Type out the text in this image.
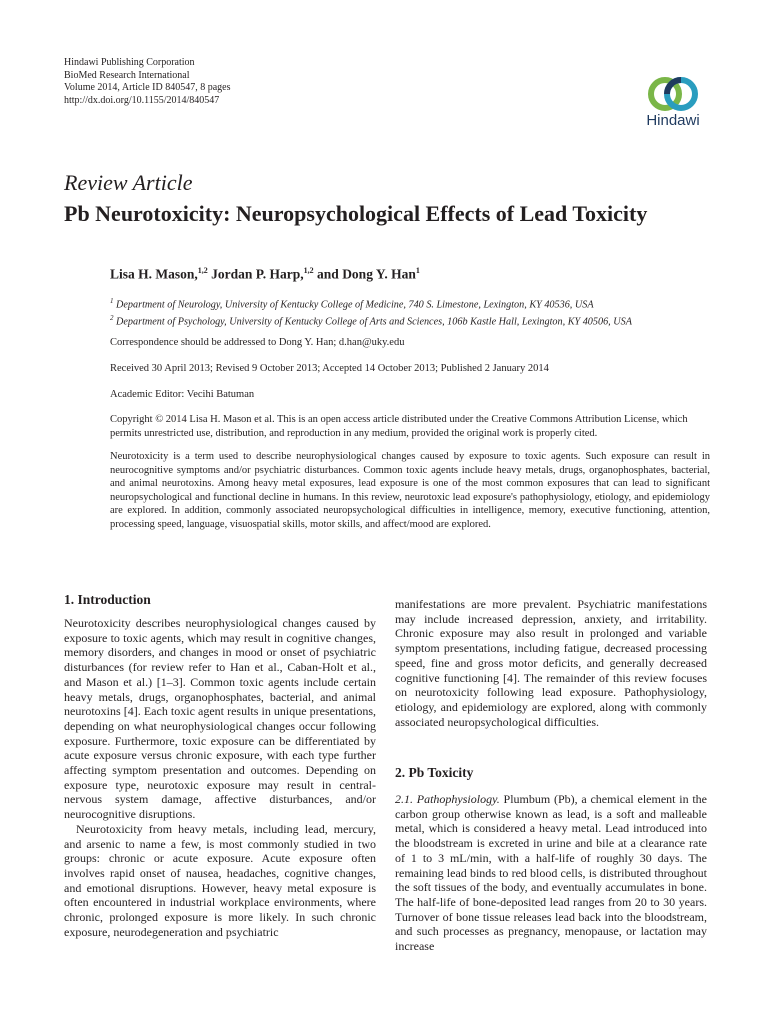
Hindawi Publishing Corporation
BioMed Research International
Volume 2014, Article ID 840547, 8 pages
http://dx.doi.org/10.1155/2014/840547
Hindawi
Review Article
Pb Neurotoxicity: Neuropsychological Effects of Lead Toxicity
Lisa H. Mason,$^{1,2}$ Jordan P. Harp,$^{1,2}$ and Dong Y. Han$^1$
$^1$ Department of Neurology, University of Kentucky College of Medicine, 740 S. Limestone, Lexington, KY 40536, USA
$^2$ Department of Psychology, University of Kentucky College of Arts and Sciences, 106b Kastle Hall, Lexington, KY 40506, USA
Correspondence should be addressed to Dong Y. Han; d.han@uky.edu
Received 30 April 2013; Revised 9 October 2013; Accepted 14 October 2013; Published 2 January 2014
Academic Editor: Vecihi Batuman
Copyright © 2014 Lisa H. Mason et al. This is an open access article distributed under the Creative Commons Attribution License, which permits unrestricted use, distribution, and reproduction in any medium, provided the original work is properly cited.
Neurotoxicity is a term used to describe neurophysiological changes caused by exposure to toxic agents. Such exposure can result in neurocognitive symptoms and/or psychiatric disturbances. Common toxic agents include heavy metals, drugs, organophosphates, bacterial, and animal neurotoxins. Among heavy metal exposures, lead exposure is one of the most common exposures that can lead to significant neuropsychological and functional decline in humans. In this review, neurotoxic lead exposure's pathophysiology, etiology, and epidemiology are explored. In addition, commonly associated neuropsychological difficulties in intelligence, memory, executive functioning, attention, processing speed, language, visuospatial skills, motor skills, and affect/mood are explored.
1. Introduction

Neurotoxicity describes neurophysiological changes caused by exposure to toxic agents, which may result in cognitive changes, memory disorders, and changes in mood or onset of psychiatric disturbances (for review refer to Han et al., Caban-Holt et al., and Mason et al.) [1–3]. Common toxic agents include certain heavy metals, drugs, organophosphates, bacterial, and animal neurotoxins [4]. Each toxic agent results in unique presentations, depending on what neurophysiological changes occur following exposure. Furthermore, toxic exposure can be differentiated by acute exposure versus chronic exposure, with each type further affecting symptom presentation and outcomes. Depending on exposure type, neurotoxic exposure may result in central-nervous system damage, affective disturbances, and/or neurocognitive disruptions.

Neurotoxicity from heavy metals, including lead, mercury, and arsenic to name a few, is most commonly studied in two groups: chronic or acute exposure. Acute exposure often involves rapid onset of nausea, headaches, cognitive changes, and emotional disruptions. However, heavy metal exposure is often encountered in industrial workplace environments, where chronic, prolonged exposure is more likely. In such chronic exposure, neurodegeneration and psychiatric

manifestations are more prevalent. Psychiatric manifestations may include increased depression, anxiety, and irritability. Chronic exposure may also result in prolonged and variable symptom presentations, including fatigue, decreased processing speed, fine and gross motor deficits, and generally decreased cognitive functioning [4]. The remainder of this review focuses on neurotoxicity following lead exposure. Pathophysiology, etiology, and epidemiology are explored, along with commonly associated neuropsychological difficulties.

2. Pb Toxicity

2.1. Pathophysiology. Plumbum (Pb), a chemical element in the carbon group otherwise known as lead, is a soft and malleable metal, which is considered a heavy metal. Lead introduced into the bloodstream is excreted in urine and bile at a clearance rate of 1 to 3 mL/min, with a half-life of roughly 30 days. The remaining lead binds to red blood cells, is distributed throughout the soft tissues of the body, and eventually accumulates in bone. The half-life of bone-deposited lead ranges from 20 to 30 years. Turnover of bone tissue releases lead back into the bloodstream, and such processes as pregnancy, menopause, or lactation may increase
